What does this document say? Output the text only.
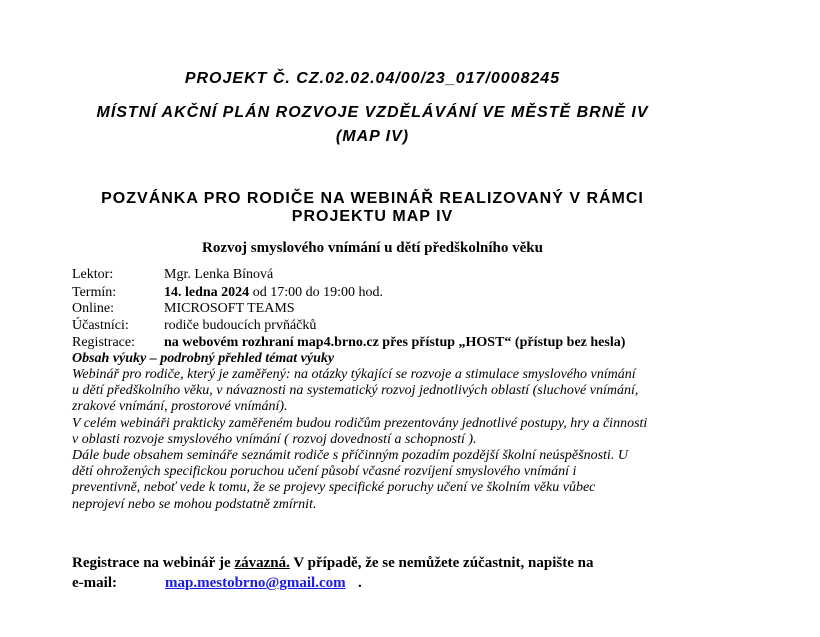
PROJEKT Č. CZ.02.02.04/00/23_017/0008245
MÍSTNÍ AKČNÍ PLÁN ROZVOJE VZDĚLÁVÁNÍ VE MĚSTĚ BRNĚ IV
(MAP IV)
POZVÁNKA PRO RODIČE NA WEBINÁŘ REALIZOVANÝ V RÁMCI
PROJEKTU MAP IV
Rozvoj smyslového vnímání u dětí předškolního věku
Lektor:	Mgr. Lenka Bínová
Termín:	14. ledna 2024 od 17:00 do 19:00 hod.
Online:	MICROSOFT TEAMS
Účastníci:	rodiče budoucích prvňáčků
Registrace: na webovém rozhraní map4.brno.cz přes přístup „HOST“ (přístup bez hesla)
Obsah výuky – podrobný přehled témat výuky
Webinář pro rodiče, který je zaměřený: na otázky týkající se rozvoje a stimulace smyslového vnímání
u dětí předškolního věku, v návaznosti na systematický rozvoj jednotlivých oblastí (sluchové vnímání,
zrakové vnímání, prostorové vnímání).
V celém webináři prakticky zaměřeném budou rodičům prezentovány jednotlivé postupy, hry a činnosti
v oblasti rozvoje smyslového vnímání ( rozvoj dovedností a schopností ).
Dále bude obsahem semináře seznámit rodiče s příčinným pozadím pozdější školní neúspěšnosti. U
dětí ohrožených specifickou poruchou učení působí včasné rozvíjení smyslového vnímání i
preventivně, neboť vede k tomu, že se projevy specifické poruchy učení ve školním věku vůbec
neprojeví nebo se mohou podstatně zmírnit.
Registrace na webinář je závazná. V případě, že se nemůžete zúčastnit, napište na
e-mail:	map.mestobrno@gmail.com .
